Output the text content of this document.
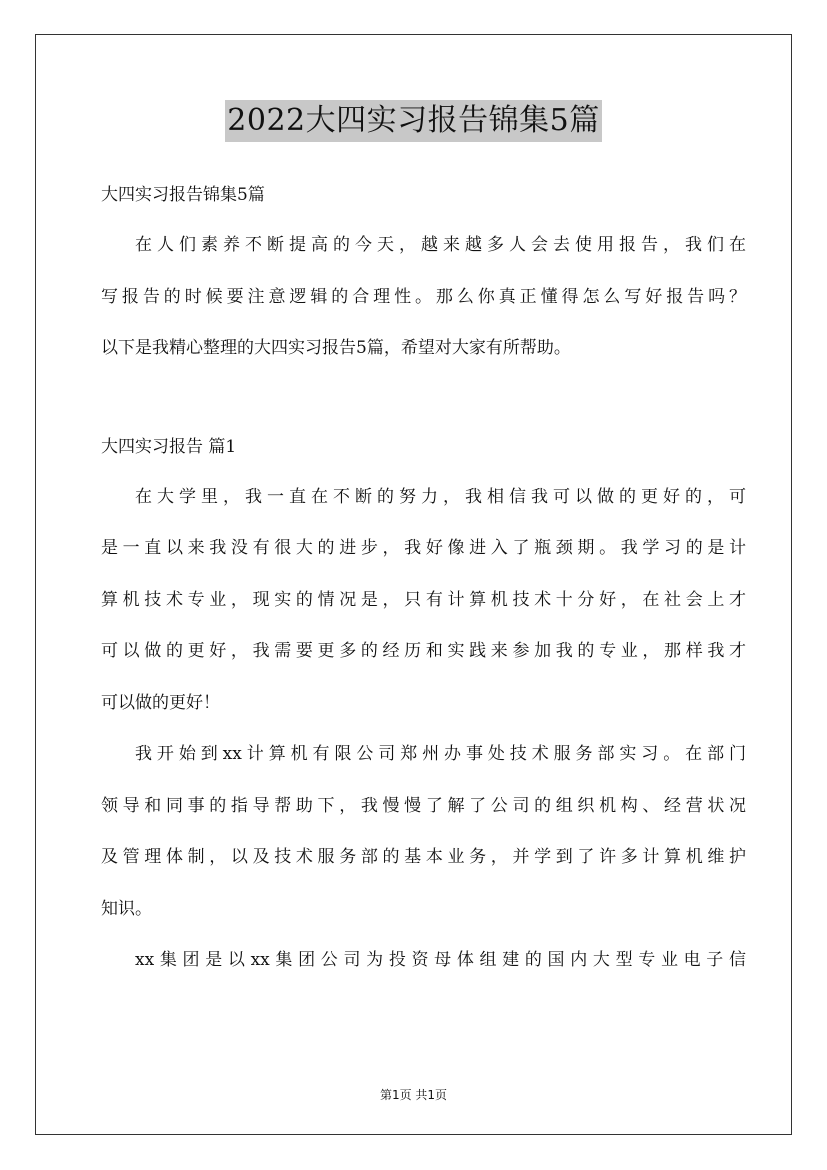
2022大四实习报告锦集5篇
大四实习报告锦集5篇

在人们素养不断提高的今天，越来越多人会去使用报告，我们在
写报告的时候要注意逻辑的合理性。那么你真正懂得怎么写好报告吗？
以下是我精心整理的大四实习报告5篇，希望对大家有所帮助。

大四实习报告 篇1

在大学里，我一直在不断的努力，我相信我可以做的更好的，可
是一直以来我没有很大的进步，我好像进入了瓶颈期。我学习的是计
算机技术专业，现实的情况是，只有计算机技术十分好，在社会上才
可以做的更好，我需要更多的经历和实践来参加我的专业，那样我才
可以做的更好！

我开始到xx计算机有限公司郑州办事处技术服务部实习。在部门
领导和同事的指导帮助下，我慢慢了解了公司的组织机构、经营状况
及管理体制，以及技术服务部的基本业务，并学到了许多计算机维护
知识。

xx集团是以xx集团公司为投资母体组建的国内大型专业电子信

第1页 共1页
